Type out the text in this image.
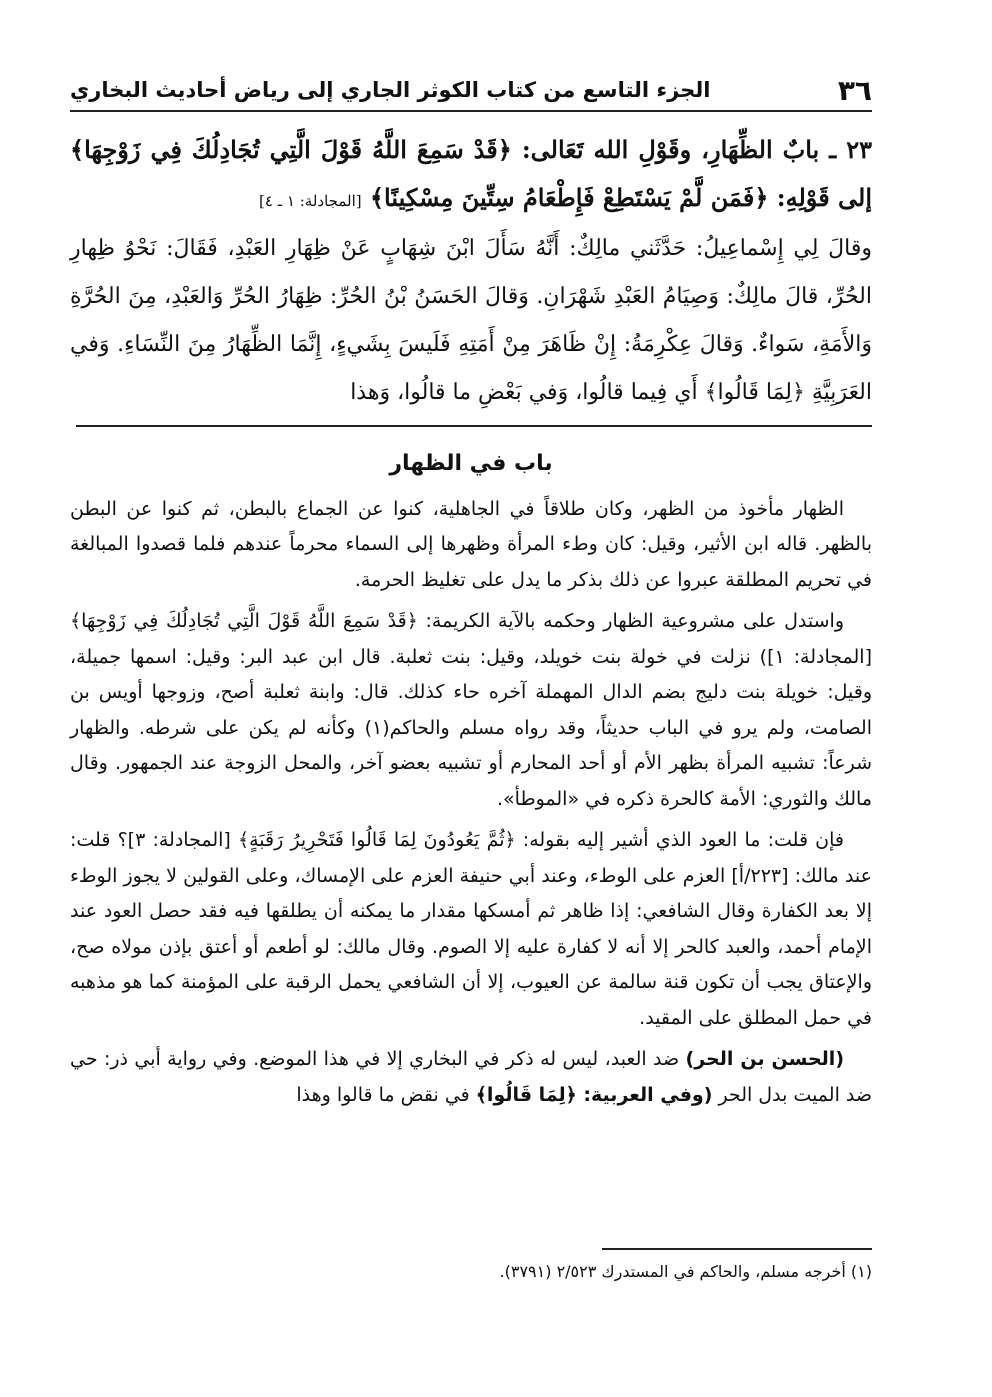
٣٦
الجزء التاسع من كتاب الكوثر الجاري إلى رياض أحاديث البخاري
٢٣ ـ بابٌ الظِّهَارِ، وقَوْلِ الله تَعَالى: ﴿قَدْ سَمِعَ اللَّهُ قَوْلَ الَّتِي تُجَادِلُكَ فِي زَوْجِهَا﴾ إلى قَوْلِهِ: ﴿فَمَن لَّمْ يَسْتَطِعْ فَإِطْعَامُ سِتِّينَ مِسْكِينًا﴾ [المجادلة: ١ ـ ٤]
وقالَ لِي إِسْماعِيلُ: حَدَّثَني مالِكٌ: أَنَّهُ سَأَلَ ابْنَ شِهَابٍ عَنْ ظِهَارِ العَبْدِ، فَقَالَ: نَحْوُ ظِهارِ الحُرِّ، قالَ مالِكٌ: وَصِيَامُ العَبْدِ شَهْرَانِ. وَقالَ الحَسَنُ بْنُ الحُرِّ: ظِهَارُ الحُرِّ وَالعَبْدِ، مِنَ الحُرَّةِ وَالأَمَةِ، سَواءٌ. وَقالَ عِكْرِمَةُ: إِنْ ظَاهَرَ مِنْ أَمَتِهِ فَلَيسَ بِشَيءٍ، إِنَّمَا الظِّهَارُ مِنَ النِّسَاءِ. وَفي العَرَبِيَّةِ ﴿لِمَا قَالُوا﴾ أَي فِيما قالُوا، وَفي بَعْضِ ما قالُوا، وَهذا
باب في الظهار

الظهار مأخوذ من الظهر، وكان طلاقاً في الجاهلية، كنوا عن الجماع بالبطن، ثم كنوا عن البطن بالظهر. قاله ابن الأثير، وقيل: كان وطء المرأة وظهرها إلى السماء محرماً عندهم فلما قصدوا المبالغة في تحريم المطلقة عبروا عن ذلك بذكر ما يدل على تغليظ الحرمة.

واستدل على مشروعية الظهار وحكمه بالآية الكريمة: ﴿قَدْ سَمِعَ اللَّهُ قَوْلَ الَّتِي تُجَادِلُكَ فِي زَوْجِهَا﴾ [المجادلة: ١]) نزلت في خولة بنت خويلد، وقيل: بنت ثعلبة. قال ابن عبد البر: وقيل: اسمها جميلة، وقيل: خويلة بنت دليج بضم الدال المهملة آخره حاء كذلك. قال: وابنة ثعلبة أصح، وزوجها أويس بن الصامت، ولم يرو في الباب حديثاً، وقد رواه مسلم والحاكم(١) وكأنه لم يكن على شرطه. والظهار شرعاً: تشبيه المرأة بظهر الأم أو أحد المحارم أو تشبيه بعضو آخر، والمحل الزوجة عند الجمهور. وقال مالك والثوري: الأمة كالحرة ذكره في «الموطأ».

فإن قلت: ما العود الذي أشير إليه بقوله: ﴿ثُمَّ يَعُودُونَ لِمَا قَالُوا فَتَحْرِيرُ رَقَبَةٍ﴾ [المجادلة: ٣]؟ قلت: عند مالك: [٢٢٣/أ] العزم على الوطء، وعند أبي حنيفة العزم على الإمساك، وعلى القولين لا يجوز الوطء إلا بعد الكفارة وقال الشافعي: إذا ظاهر ثم أمسكها مقدار ما يمكنه أن يطلقها فيه فقد حصل العود عند الإمام أحمد، والعبد كالحر إلا أنه لا كفارة عليه إلا الصوم. وقال مالك: لو أطعم أو أعتق بإذن مولاه صح، والإعتاق يجب أن تكون قنة سالمة عن العيوب، إلا أن الشافعي يحمل الرقبة على المؤمنة كما هو مذهبه في حمل المطلق على المقيد.

(الحسن بن الحر) ضد العبد، ليس له ذكر في البخاري إلا في هذا الموضع. وفي رواية أبي ذر: حي ضد الميت بدل الحر (وفي العربية: ﴿لِمَا قَالُوا﴾ في نقض ما قالوا وهذا

(١) أخرجه مسلم، والحاكم في المستدرك ٢/٥٢٣ (٣٧٩١).
